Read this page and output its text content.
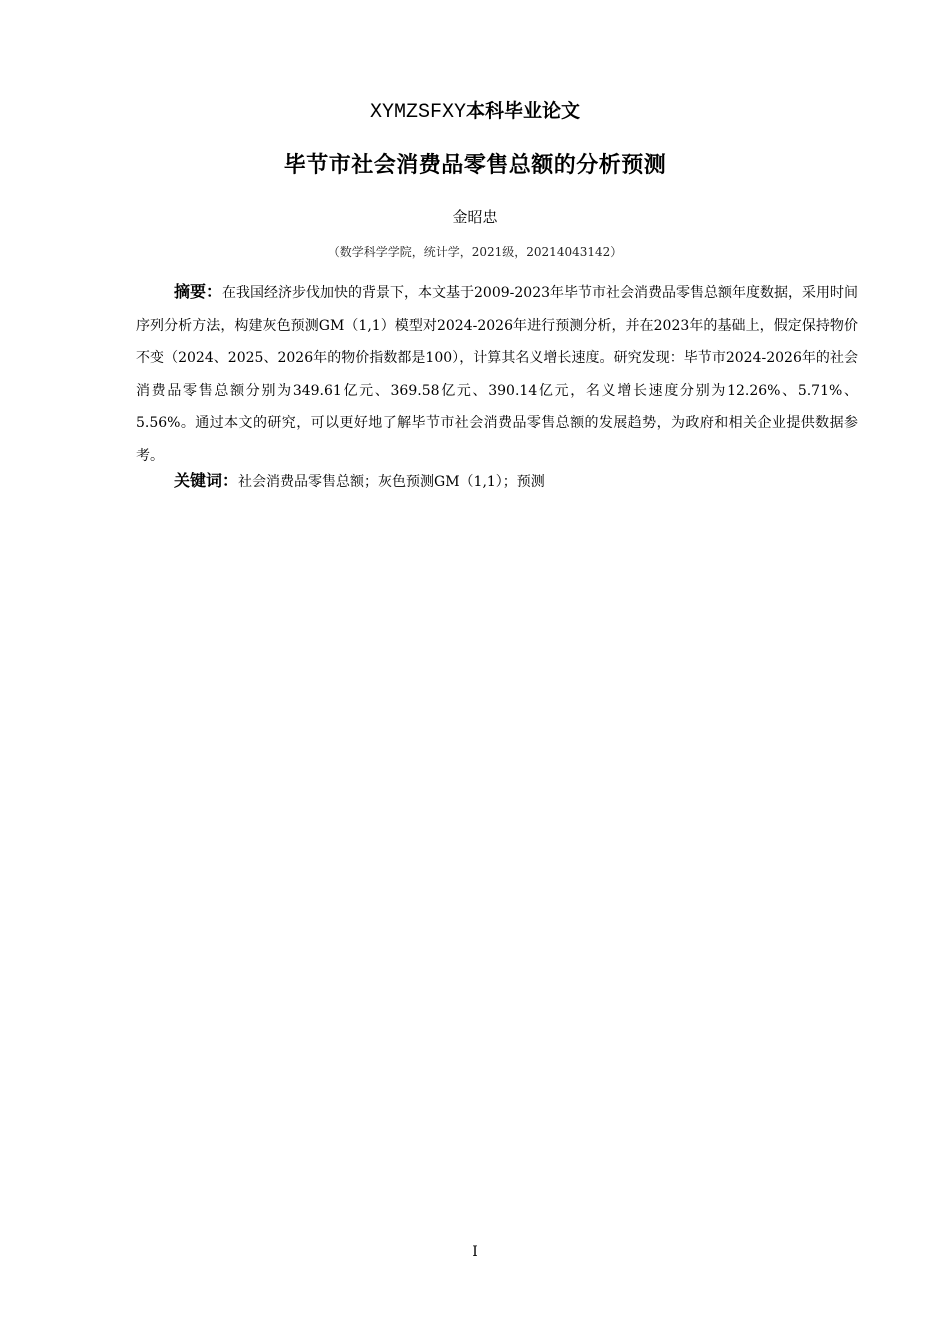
XYMZSFXY本科毕业论文
毕节市社会消费品零售总额的分析预测
金昭忠
（数学科学学院，统计学，2021级，20214043142）
摘要：在我国经济步伐加快的背景下，本文基于2009-2023年毕节市社会消费品零售总额年度数据，采用时间序列分析方法，构建灰色预测GM（1,1）模型对2024-2026年进行预测分析，并在2023年的基础上，假定保持物价不变（2024、2025、2026年的物价指数都是100），计算其名义增长速度。研究发现：毕节市2024-2026年的社会消费品零售总额分别为349.61亿元、369.58亿元、390.14亿元，名义增长速度分别为12.26%、5.71%、5.56%。通过本文的研究，可以更好地了解毕节市社会消费品零售总额的发展趋势，为政府和相关企业提供数据参考。
关键词：社会消费品零售总额；灰色预测GM（1,1）；预测
I
